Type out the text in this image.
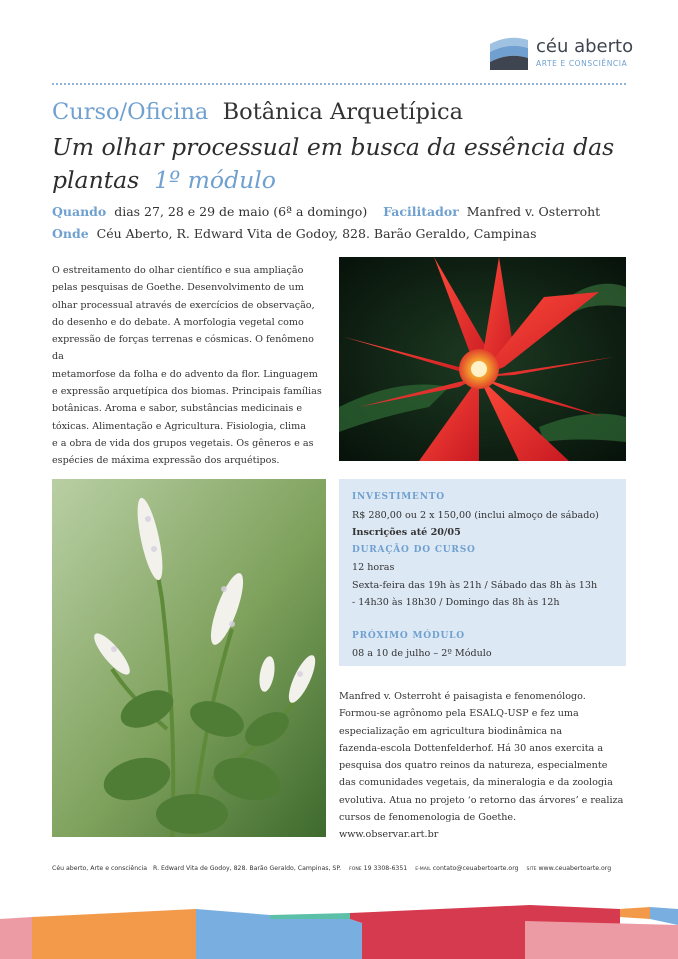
céu aberto
ARTE E CONSCIÊNCIA
Curso/Oficina Botânica Arquetípica
Um olhar processual em busca da essência das plantas 1º módulo
Quando dias 27, 28 e 29 de maio (6ª a domingo) Facilitador Manfred v. Osterroht
Onde Céu Aberto, R. Edward Vita de Godoy, 828. Barão Geraldo, Campinas
O estreitamento do olhar científico e sua ampliação
pelas pesquisas de Goethe. Desenvolvimento de um
olhar processual através de exercícios de observação,
do desenho e do debate. A morfologia vegetal como
expressão de forças terrenas e cósmicas. O fenômeno da
metamorfose da folha e do advento da flor. Linguagem
e expressão arquetípica dos biomas. Principais famílias
botânicas. Aroma e sabor, substâncias medicinais e
tóxicas. Alimentação e Agricultura. Fisiologia, clima
e a obra de vida dos grupos vegetais. Os gêneros e as
espécies de máxima expressão dos arquétipos.
INVESTIMENTO
R$ 280,00 ou 2 x 150,00 (inclui almoço de sábado)
Inscrições até 20/05
DURAÇÃO DO CURSO
12 horas
Sexta-feira das 19h às 21h / Sábado das 8h às 13h
- 14h30 às 18h30 / Domingo das 8h às 12h
PRÓXIMO MÓDULO
08 a 10 de julho – 2º Módulo
Manfred v. Osterroht é paisagista e fenomenólogo.
Formou-se agrônomo pela ESALQ-USP e fez uma
especialização em agricultura biodinâmica na
fazenda-escola Dottenfelderhof. Há 30 anos exercita a
pesquisa dos quatro reinos da natureza, especialmente
das comunidades vegetais, da mineralogia e da zoologia
evolutiva. Atua no projeto ‘o retorno das árvores’ e realiza
cursos de fenomenologia de Goethe.
www.observar.art.br
Céu aberto, Arte e consciência R. Edward Vita de Godoy, 828. Barão Geraldo, Campinas, SP. FONE 19 3308-6351 E-MAIL contato@ceuabertoarte.org SITE www.ceuabertoarte.org
